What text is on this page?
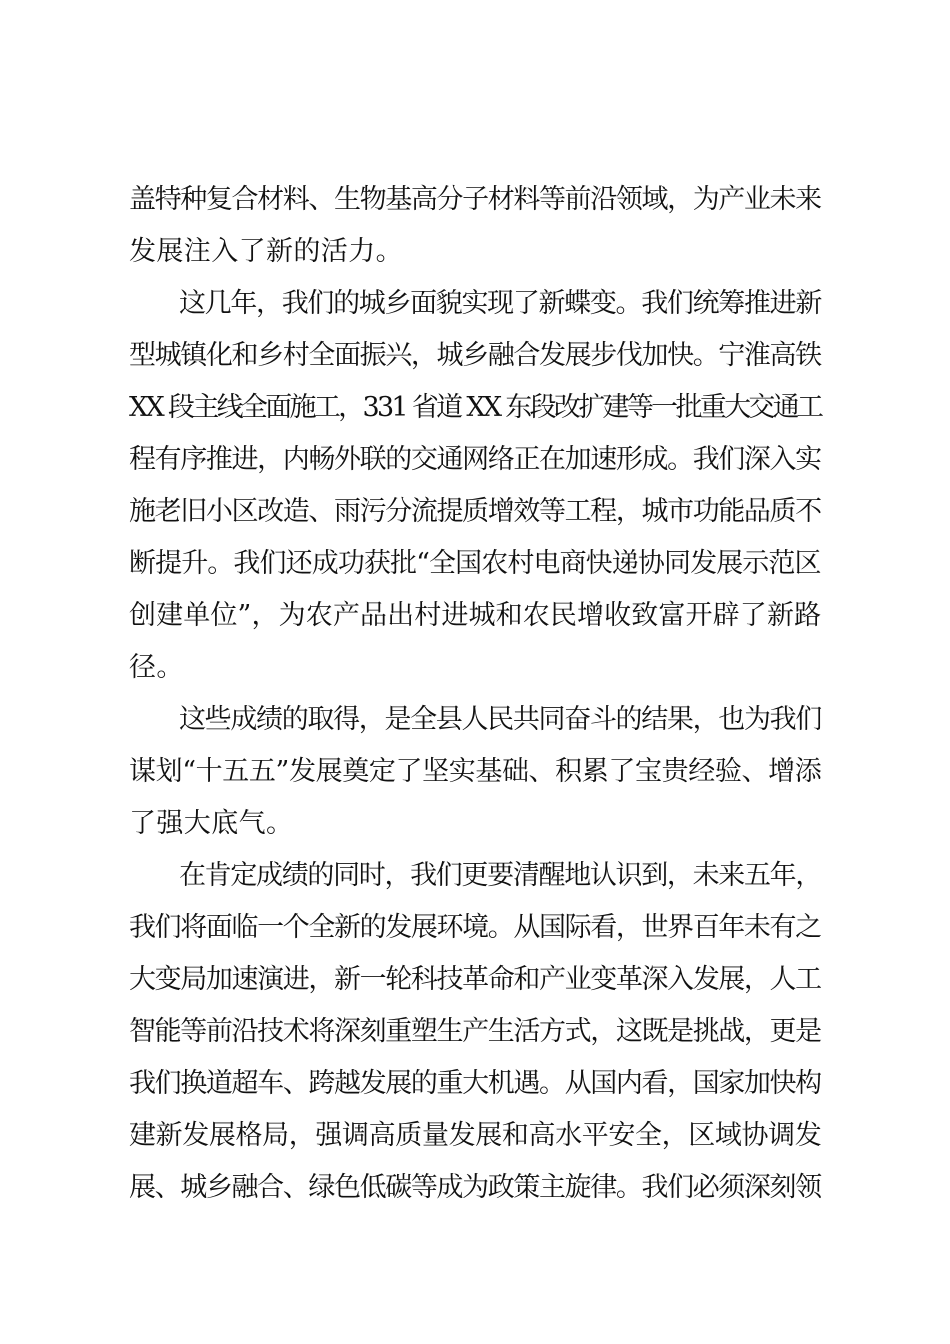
盖特种复合材料、生物基高分子材料等前沿领域，为产业未来
发展注入了新的活力。
这几年，我们的城乡面貌实现了新蝶变。我们统筹推进新
型城镇化和乡村全面振兴，城乡融合发展步伐加快。宁淮高铁
XX 段主线全面施工，331 省道 XX 东段改扩建等一批重大交通工
程有序推进，内畅外联的交通网络正在加速形成。我们深入实
施老旧小区改造、雨污分流提质增效等工程，城市功能品质不
断提升。我们还成功获批“全国农村电商快递协同发展示范区
创建单位”，为农产品出村进城和农民增收致富开辟了新路
径。
这些成绩的取得，是全县人民共同奋斗的结果，也为我们
谋划“十五五”发展奠定了坚实基础、积累了宝贵经验、增添
了强大底气。
在肯定成绩的同时，我们更要清醒地认识到，未来五年，
我们将面临一个全新的发展环境。从国际看，世界百年未有之
大变局加速演进，新一轮科技革命和产业变革深入发展，人工
智能等前沿技术将深刻重塑生产生活方式，这既是挑战，更是
我们换道超车、跨越发展的重大机遇。从国内看，国家加快构
建新发展格局，强调高质量发展和高水平安全，区域协调发
展、城乡融合、绿色低碳等成为政策主旋律。我们必须深刻领
